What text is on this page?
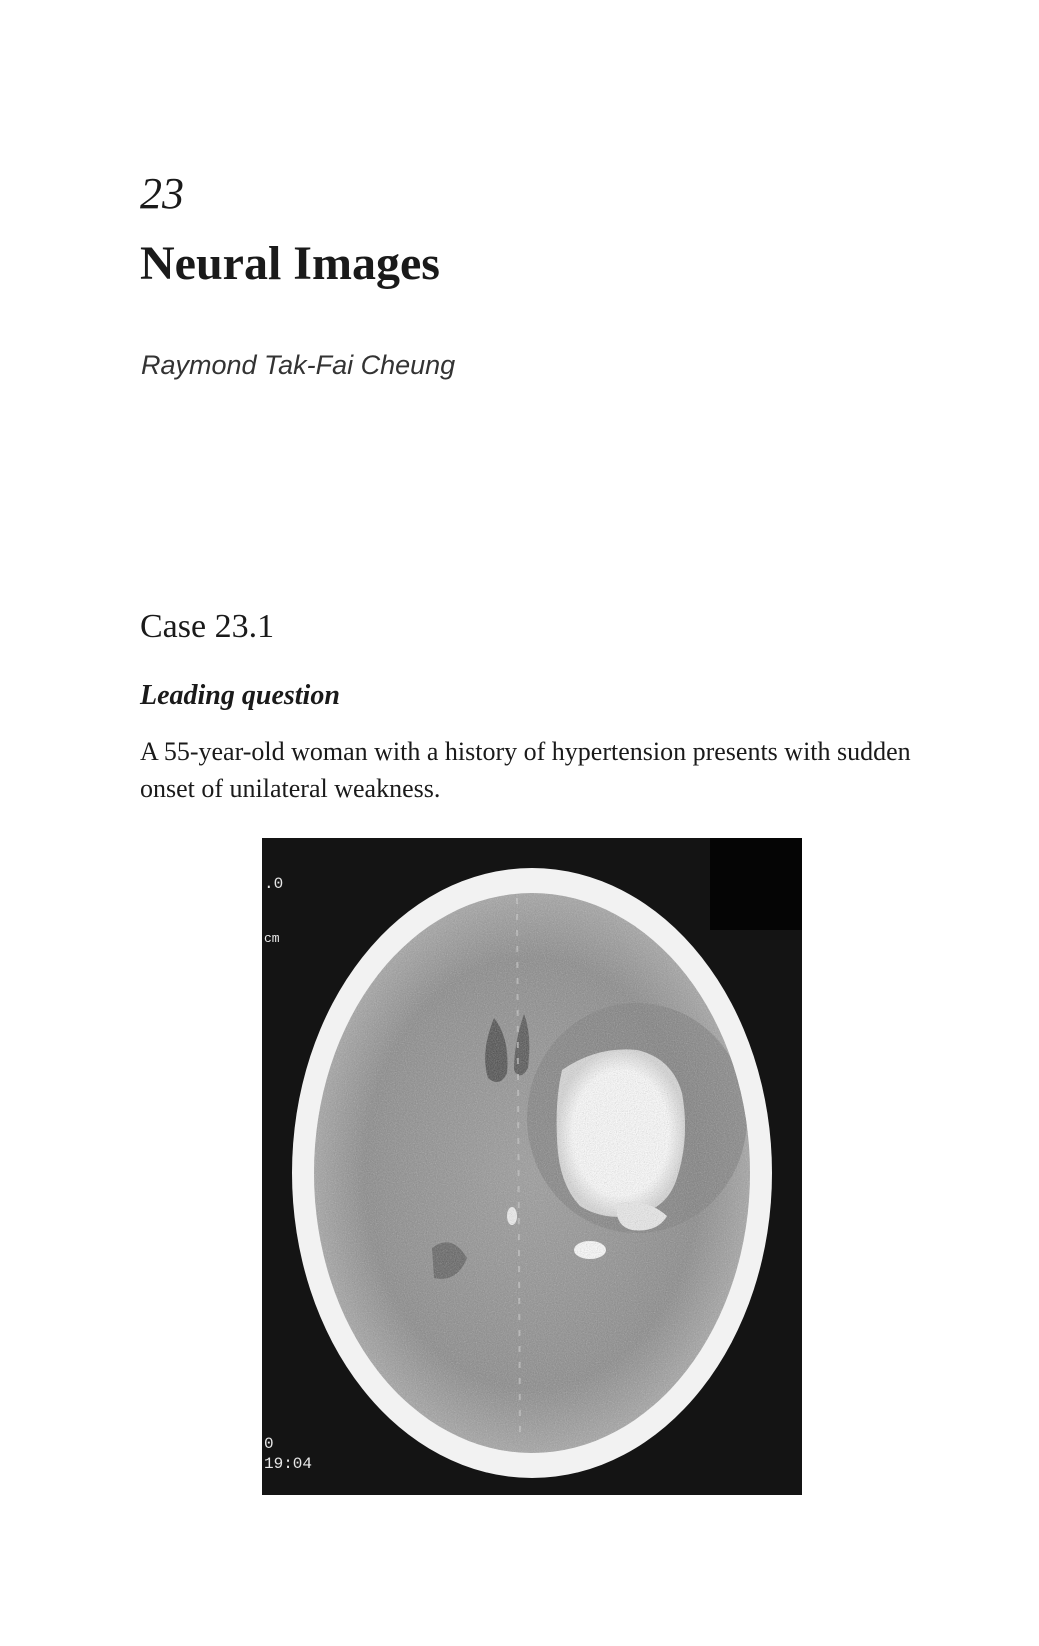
23
Neural Images

Raymond Tak-Fai Cheung

Case 23.1
Leading question

A 55-year-old woman with a history of hypertension presents with sudden onset of unilateral weakness.

.0
cm
0
19:04
